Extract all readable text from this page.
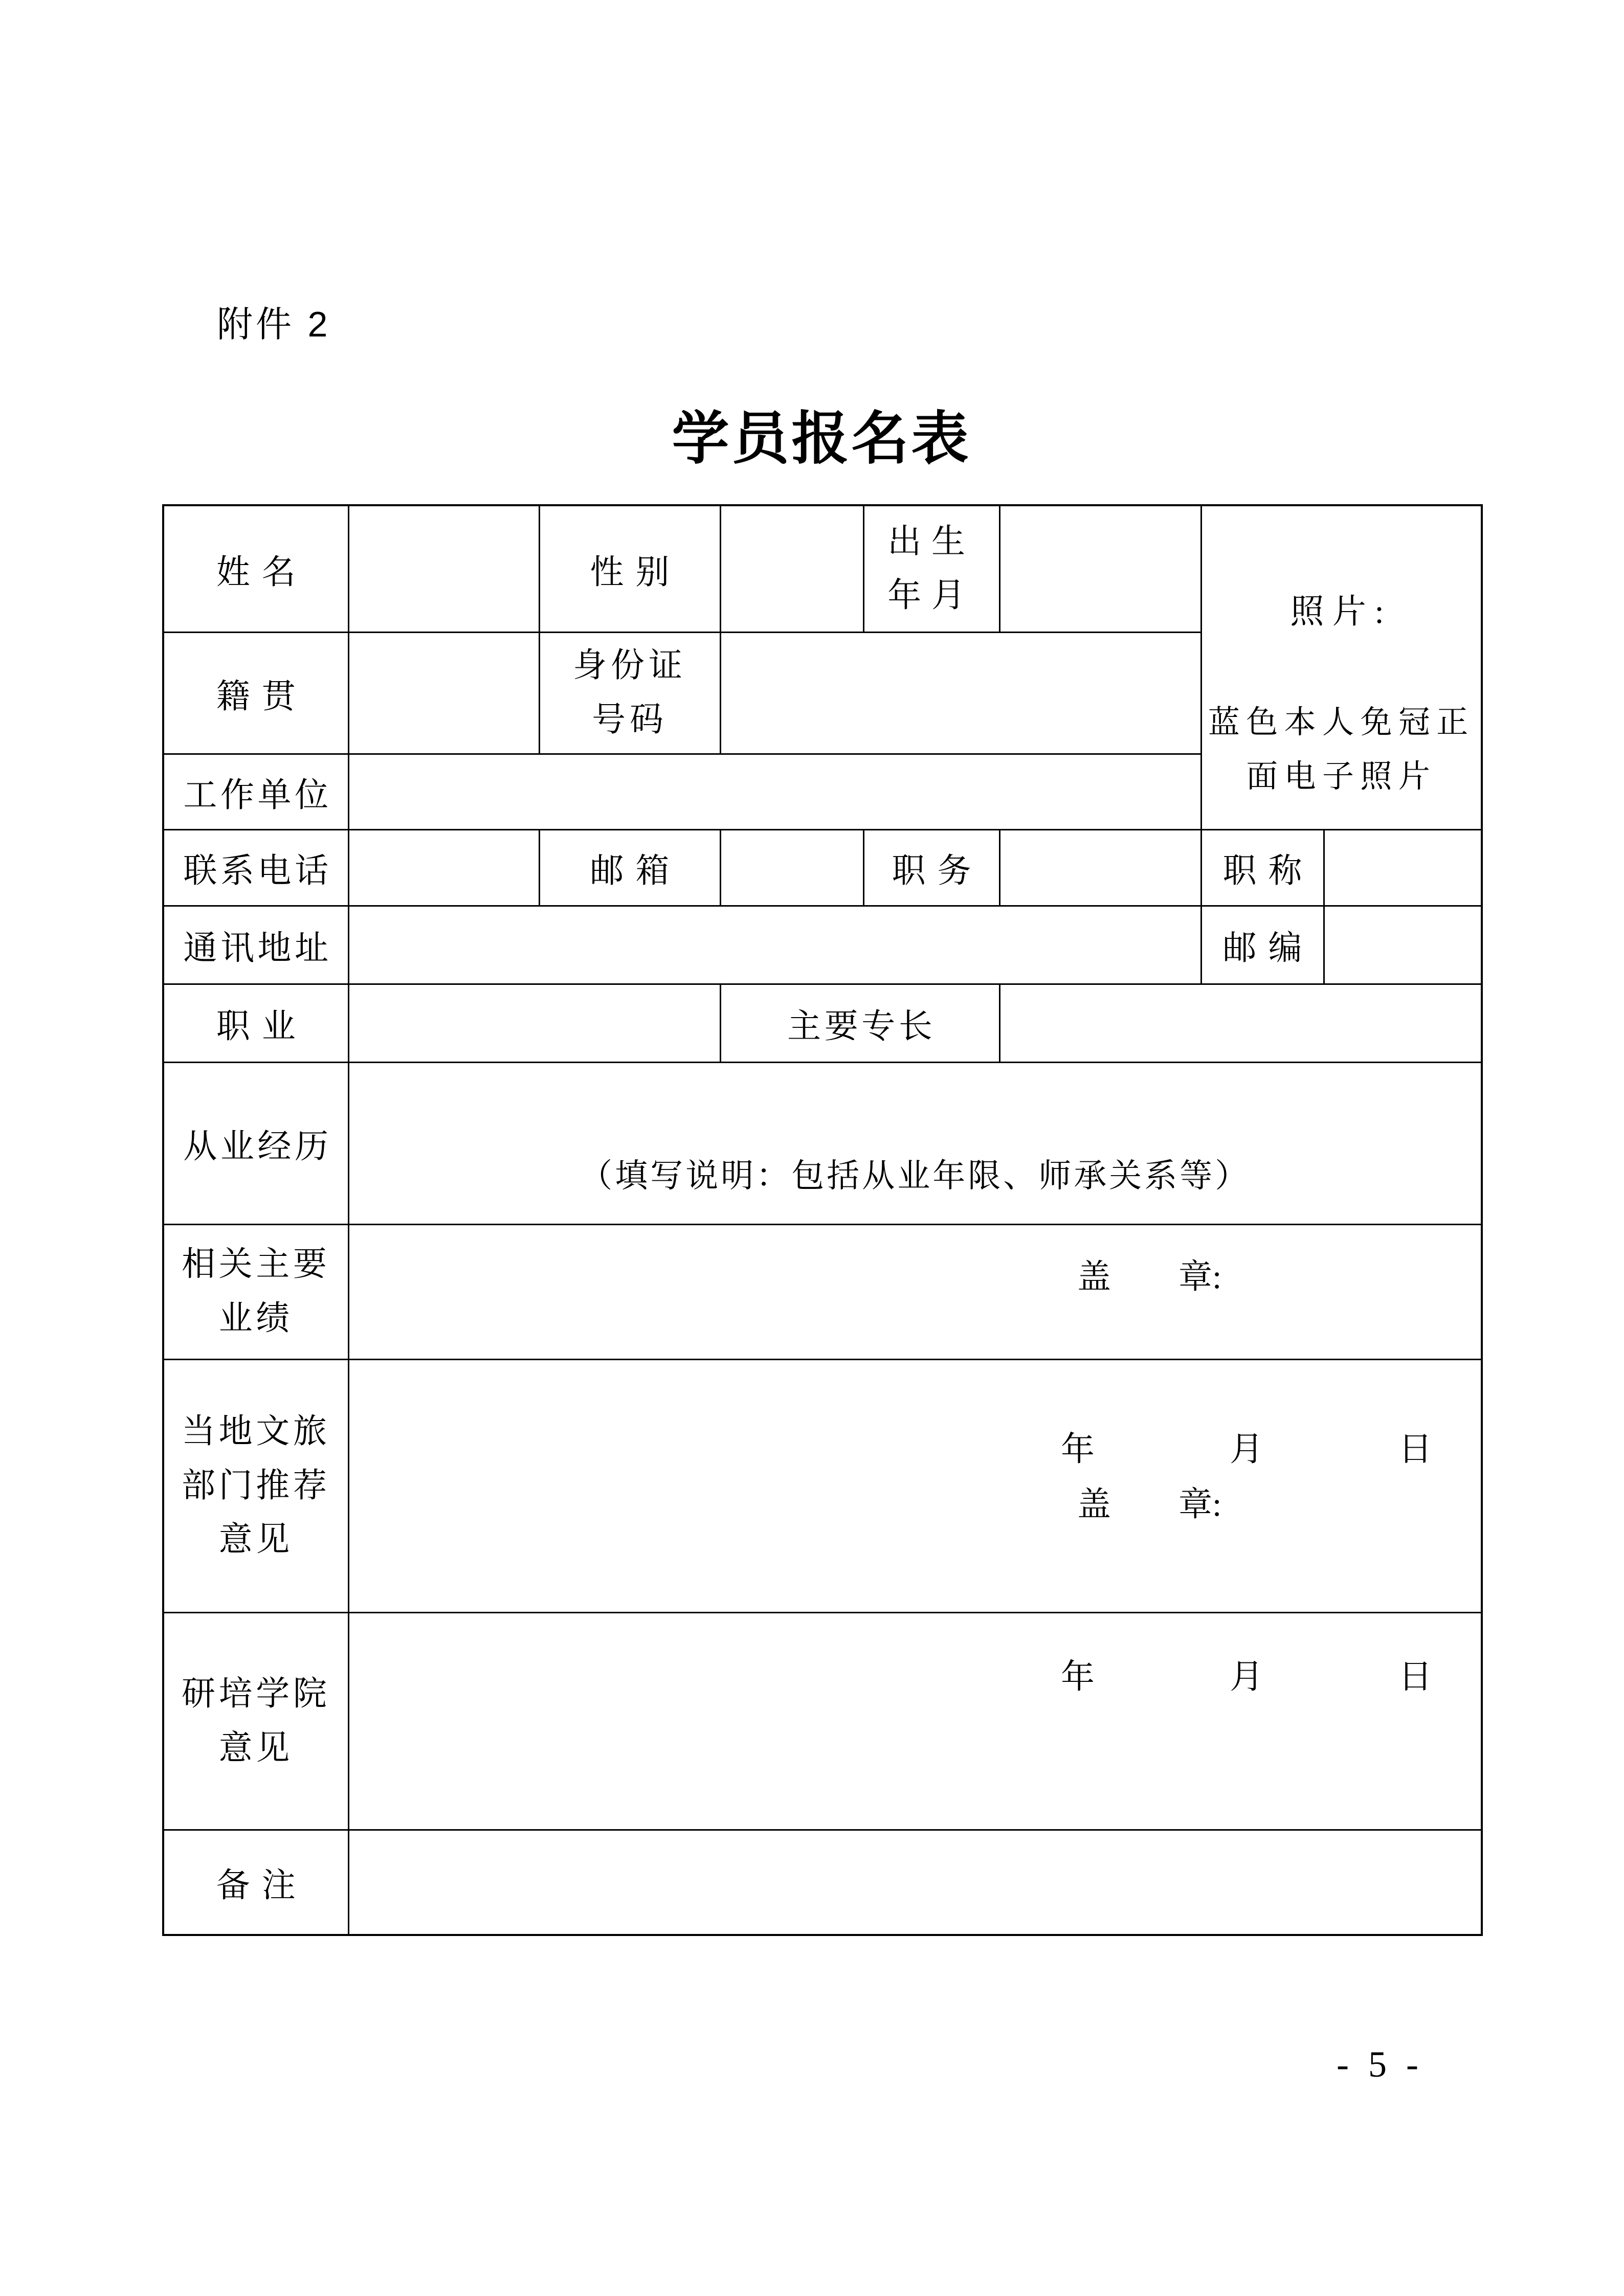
附件 2
学员报名表
姓名		性别		出生年月		照片:
蓝色本人免冠正面电子照片	

籍贯		身份证号码					
工作单位							
联系电话		邮箱		职务		职称	
通讯地址						邮编	
职业			主要专长				
从业经历	（填写说明：包括从业年限、师承关系等）						
相关主要业绩							
当地文旅部门推荐意见	盖　　章:

年　　　　月　　　　日						

研培学院意见	盖　　章:

年　　　　月　　　　日						

备注							
- 5 -
